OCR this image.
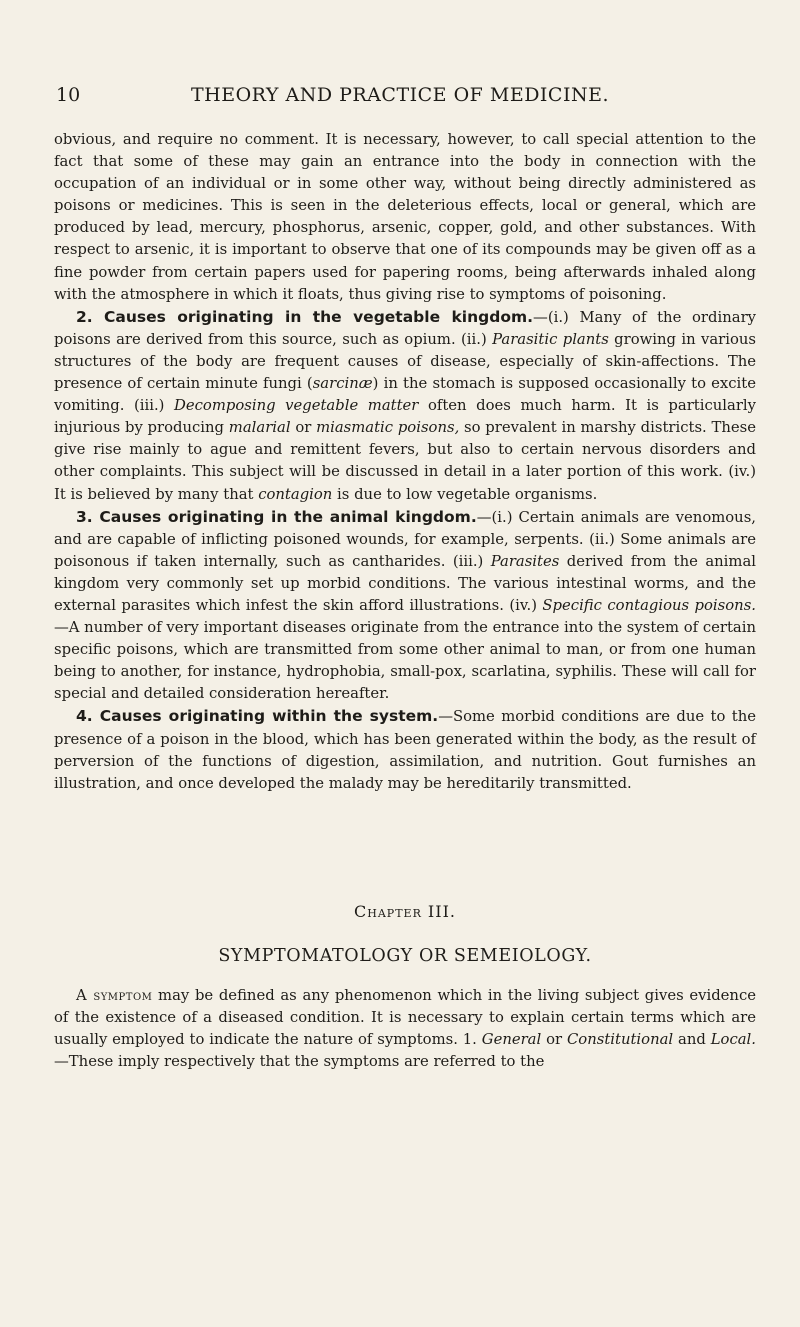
10	THEORY AND PRACTICE OF MEDICINE.

obvious, and require no comment. It is necessary, however, to call special attention to the fact that some of these may gain an entrance into the body in connection with the occupation of an individual or in some other way, without being directly administered as poisons or medicines. This is seen in the deleterious effects, local or general, which are produced by lead, mercury, phosphorus, arsenic, copper, gold, and other substances. With respect to arsenic, it is important to observe that one of its compounds may be given off as a fine powder from certain papers used for papering rooms, being afterwards inhaled along with the atmosphere in which it floats, thus giving rise to symptoms of poisoning.

2. Causes originating in the vegetable kingdom.—(i.) Many of the ordinary poisons are derived from this source, such as opium. (ii.) Parasitic plants growing in various structures of the body are frequent causes of disease, especially of skin-affections. The presence of certain minute fungi (sarcinæ) in the stomach is supposed occasionally to excite vomiting. (iii.) Decomposing vegetable matter often does much harm. It is particularly injurious by producing malarial or miasmatic poisons, so prevalent in marshy districts. These give rise mainly to ague and remittent fevers, but also to certain nervous disorders and other complaints. This subject will be discussed in detail in a later portion of this work. (iv.) It is believed by many that contagion is due to low vegetable organisms.

3. Causes originating in the animal kingdom.—(i.) Certain animals are venomous, and are capable of inflicting poisoned wounds, for example, serpents. (ii.) Some animals are poisonous if taken internally, such as cantharides. (iii.) Parasites derived from the animal kingdom very commonly set up morbid conditions. The various intestinal worms, and the external parasites which infest the skin afford illustrations. (iv.) Specific contagious poisons.—A number of very important diseases originate from the entrance into the system of certain specific poisons, which are transmitted from some other animal to man, or from one human being to another, for instance, hydrophobia, small-pox, scarlatina, syphilis. These will call for special and detailed consideration hereafter.

4. Causes originating within the system.—Some morbid conditions are due to the presence of a poison in the blood, which has been generated within the body, as the result of perversion of the functions of digestion, assimilation, and nutrition. Gout furnishes an illustration, and once developed the malady may be hereditarily transmitted.

Chapter III.
SYMPTOMATOLOGY OR SEMEIOLOGY.

A symptom may be defined as any phenomenon which in the living subject gives evidence of the existence of a diseased condition. It is necessary to explain certain terms which are usually employed to indicate the nature of symptoms. 1. General or Constitutional and Local.—These imply respectively that the symptoms are referred to the
